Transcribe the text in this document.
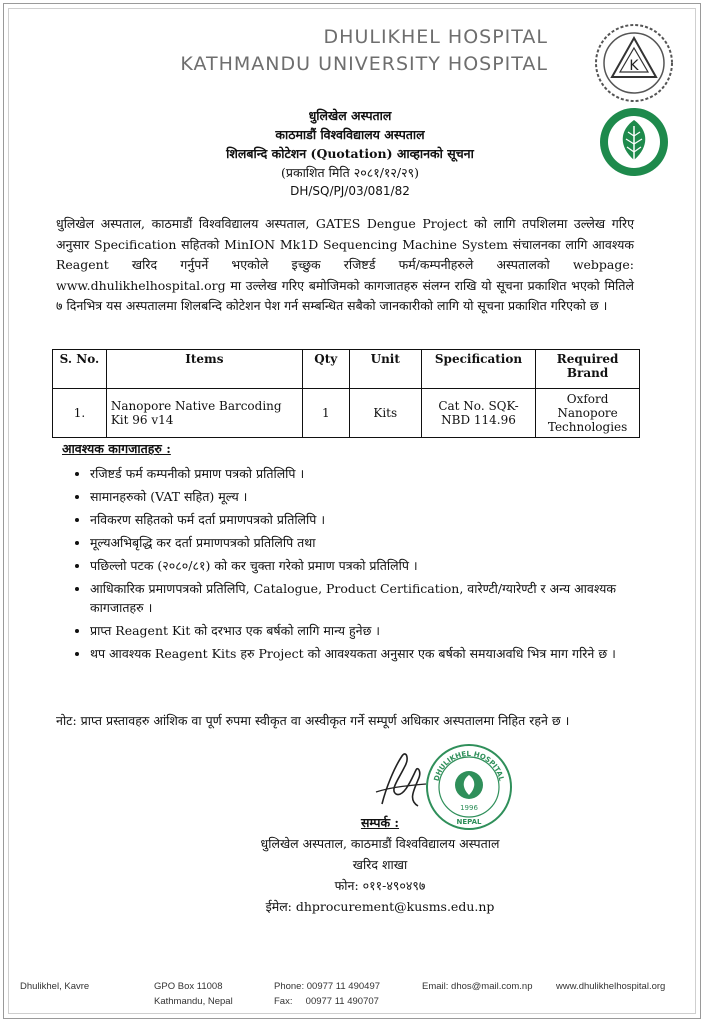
DHULIKHEL HOSPITAL
KATHMANDU UNIVERSITY HOSPITAL	K
धुलिखेल अस्पताल
काठमाडौं विश्वविद्यालय अस्पताल
शिलबन्दि कोटेशन (Quotation) आव्हानको सूचना
(प्रकाशित मिति २०८१/१२/२९)
DH/SQ/PJ/03/081/82
धुलिखेल अस्पताल, काठमाडौं विश्वविद्यालय अस्पताल, GATES Dengue Project को लागि तपशिलमा उल्लेख गरिए अनुसार Specification सहितको MinION Mk1D Sequencing Machine System संचालनका लागि आवश्यक Reagent खरिद गर्नुपर्ने भएकोले इच्छुक रजिष्टर्ड फर्म/कम्पनीहरुले अस्पतालको webpage: www.dhulikhelhospital.org मा उल्लेख गरिए बमोजिमको कागजातहरु संलग्न राखि यो सूचना प्रकाशित भएको मितिले ७ दिनभित्र यस अस्पतालमा शिलबन्दि कोटेशन पेश गर्न सम्बन्धित सबैको जानकारीको लागि यो सूचना प्रकाशित गरिएको छ ।
S. No.	Items	Qty	Unit	Specification	Required Brand
1.	Nanopore Native Barcoding Kit 96 v14	1	Kits	Cat No. SQK-NBD 114.96	Oxford Nanopore Technologies
आवश्यक कागजातहरु :
• रजिष्टर्ड फर्म कम्पनीको प्रमाण पत्रको प्रतिलिपि ।
• सामानहरुको (VAT सहित) मूल्य ।
• नविकरण सहितको फर्म दर्ता प्रमाणपत्रको प्रतिलिपि ।
• मूल्यअभिबृद्धि कर दर्ता प्रमाणपत्रको प्रतिलिपि तथा
• पछिल्लो पटक (२०८०/८१) को कर चुक्ता गरेको प्रमाण पत्रको प्रतिलिपि ।
• आधिकारिक प्रमाणपत्रको प्रतिलिपि, Catalogue, Product Certification, वारेण्टी/ग्यारेण्टी र अन्य आवश्यक कागजातहरु ।
• प्राप्त Reagent Kit को दरभाउ एक बर्षको लागि मान्य हुनेछ ।
• थप आवश्यक Reagent Kits हरु Project को आवश्यकता अनुसार एक बर्षको समयाअवधि भित्र माग गरिने छ ।
नोट: प्राप्त प्रस्तावहरु आंशिक वा पूर्ण रुपमा स्वीकृत वा अस्वीकृत गर्ने सम्पूर्ण अधिकार अस्पतालमा निहित रहने छ ।
DHULIKHEL HOSPITAL
1996
NEPAL
सम्पर्क :
धुलिखेल अस्पताल, काठमाडौं विश्वविद्यालय अस्पताल
खरिद शाखा
फोन: ०११-४९०४९७
ईमेल: dhprocurement@kusms.edu.np
Dhulikhel, Kavre	GPO Box 11008
Kathmandu, Nepal
Phone: 00977 11 490497
Fax:     00977 11 490707
Email: dhos@mail.com.np www.dhulikhelhospital.org
